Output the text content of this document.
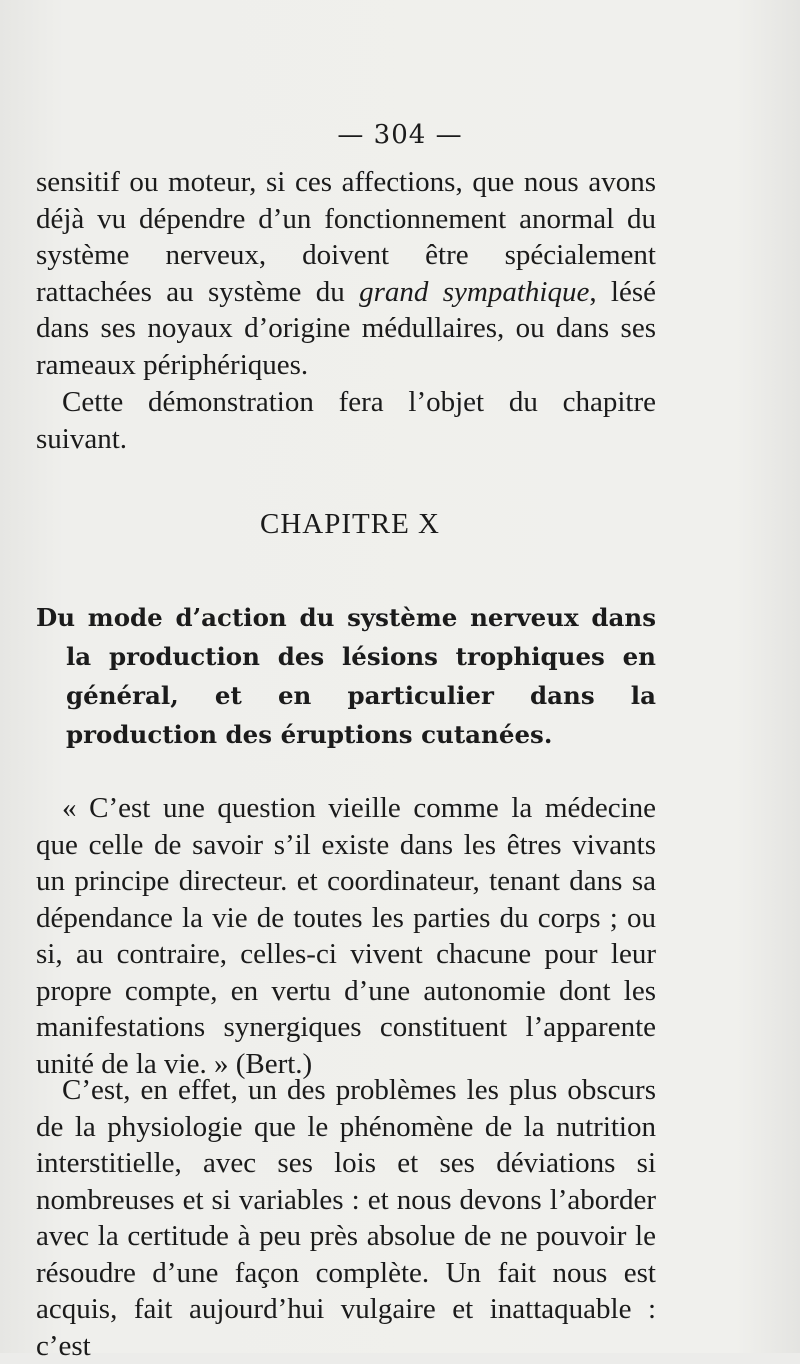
— 304 —

sensitif ou moteur, si ces affections, que nous avons déjà vu dépendre d’un fonctionnement anormal du système nerveux, doivent être spécialement rattachées au système du grand sympathique, lésé dans ses noyaux d’origine médullaires, ou dans ses rameaux périphériques.

Cette démonstration fera l’objet du chapitre suivant.

CHAPITRE X
Du mode d’action du système nerveux dans la production des lésions trophiques en général, et en particulier dans la production des éruptions cutanées.

« C’est une question vieille comme la médecine que celle de savoir s’il existe dans les êtres vivants un principe directeur. et coordinateur, tenant dans sa dépendance la vie de toutes les parties du corps ; ou si, au contraire, celles-ci vivent chacune pour leur propre compte, en vertu d’une autonomie dont les manifestations synergiques constituent l’apparente unité de la vie. » (Bert.)

C’est, en effet, un des problèmes les plus obscurs de la physiologie que le phénomène de la nutrition interstitielle, avec ses lois et ses déviations si nombreuses et si variables : et nous devons l’aborder avec la certitude à peu près absolue de ne pouvoir le résoudre d’une façon complète. Un fait nous est acquis, fait aujourd’hui vulgaire et inattaquable : c’est
